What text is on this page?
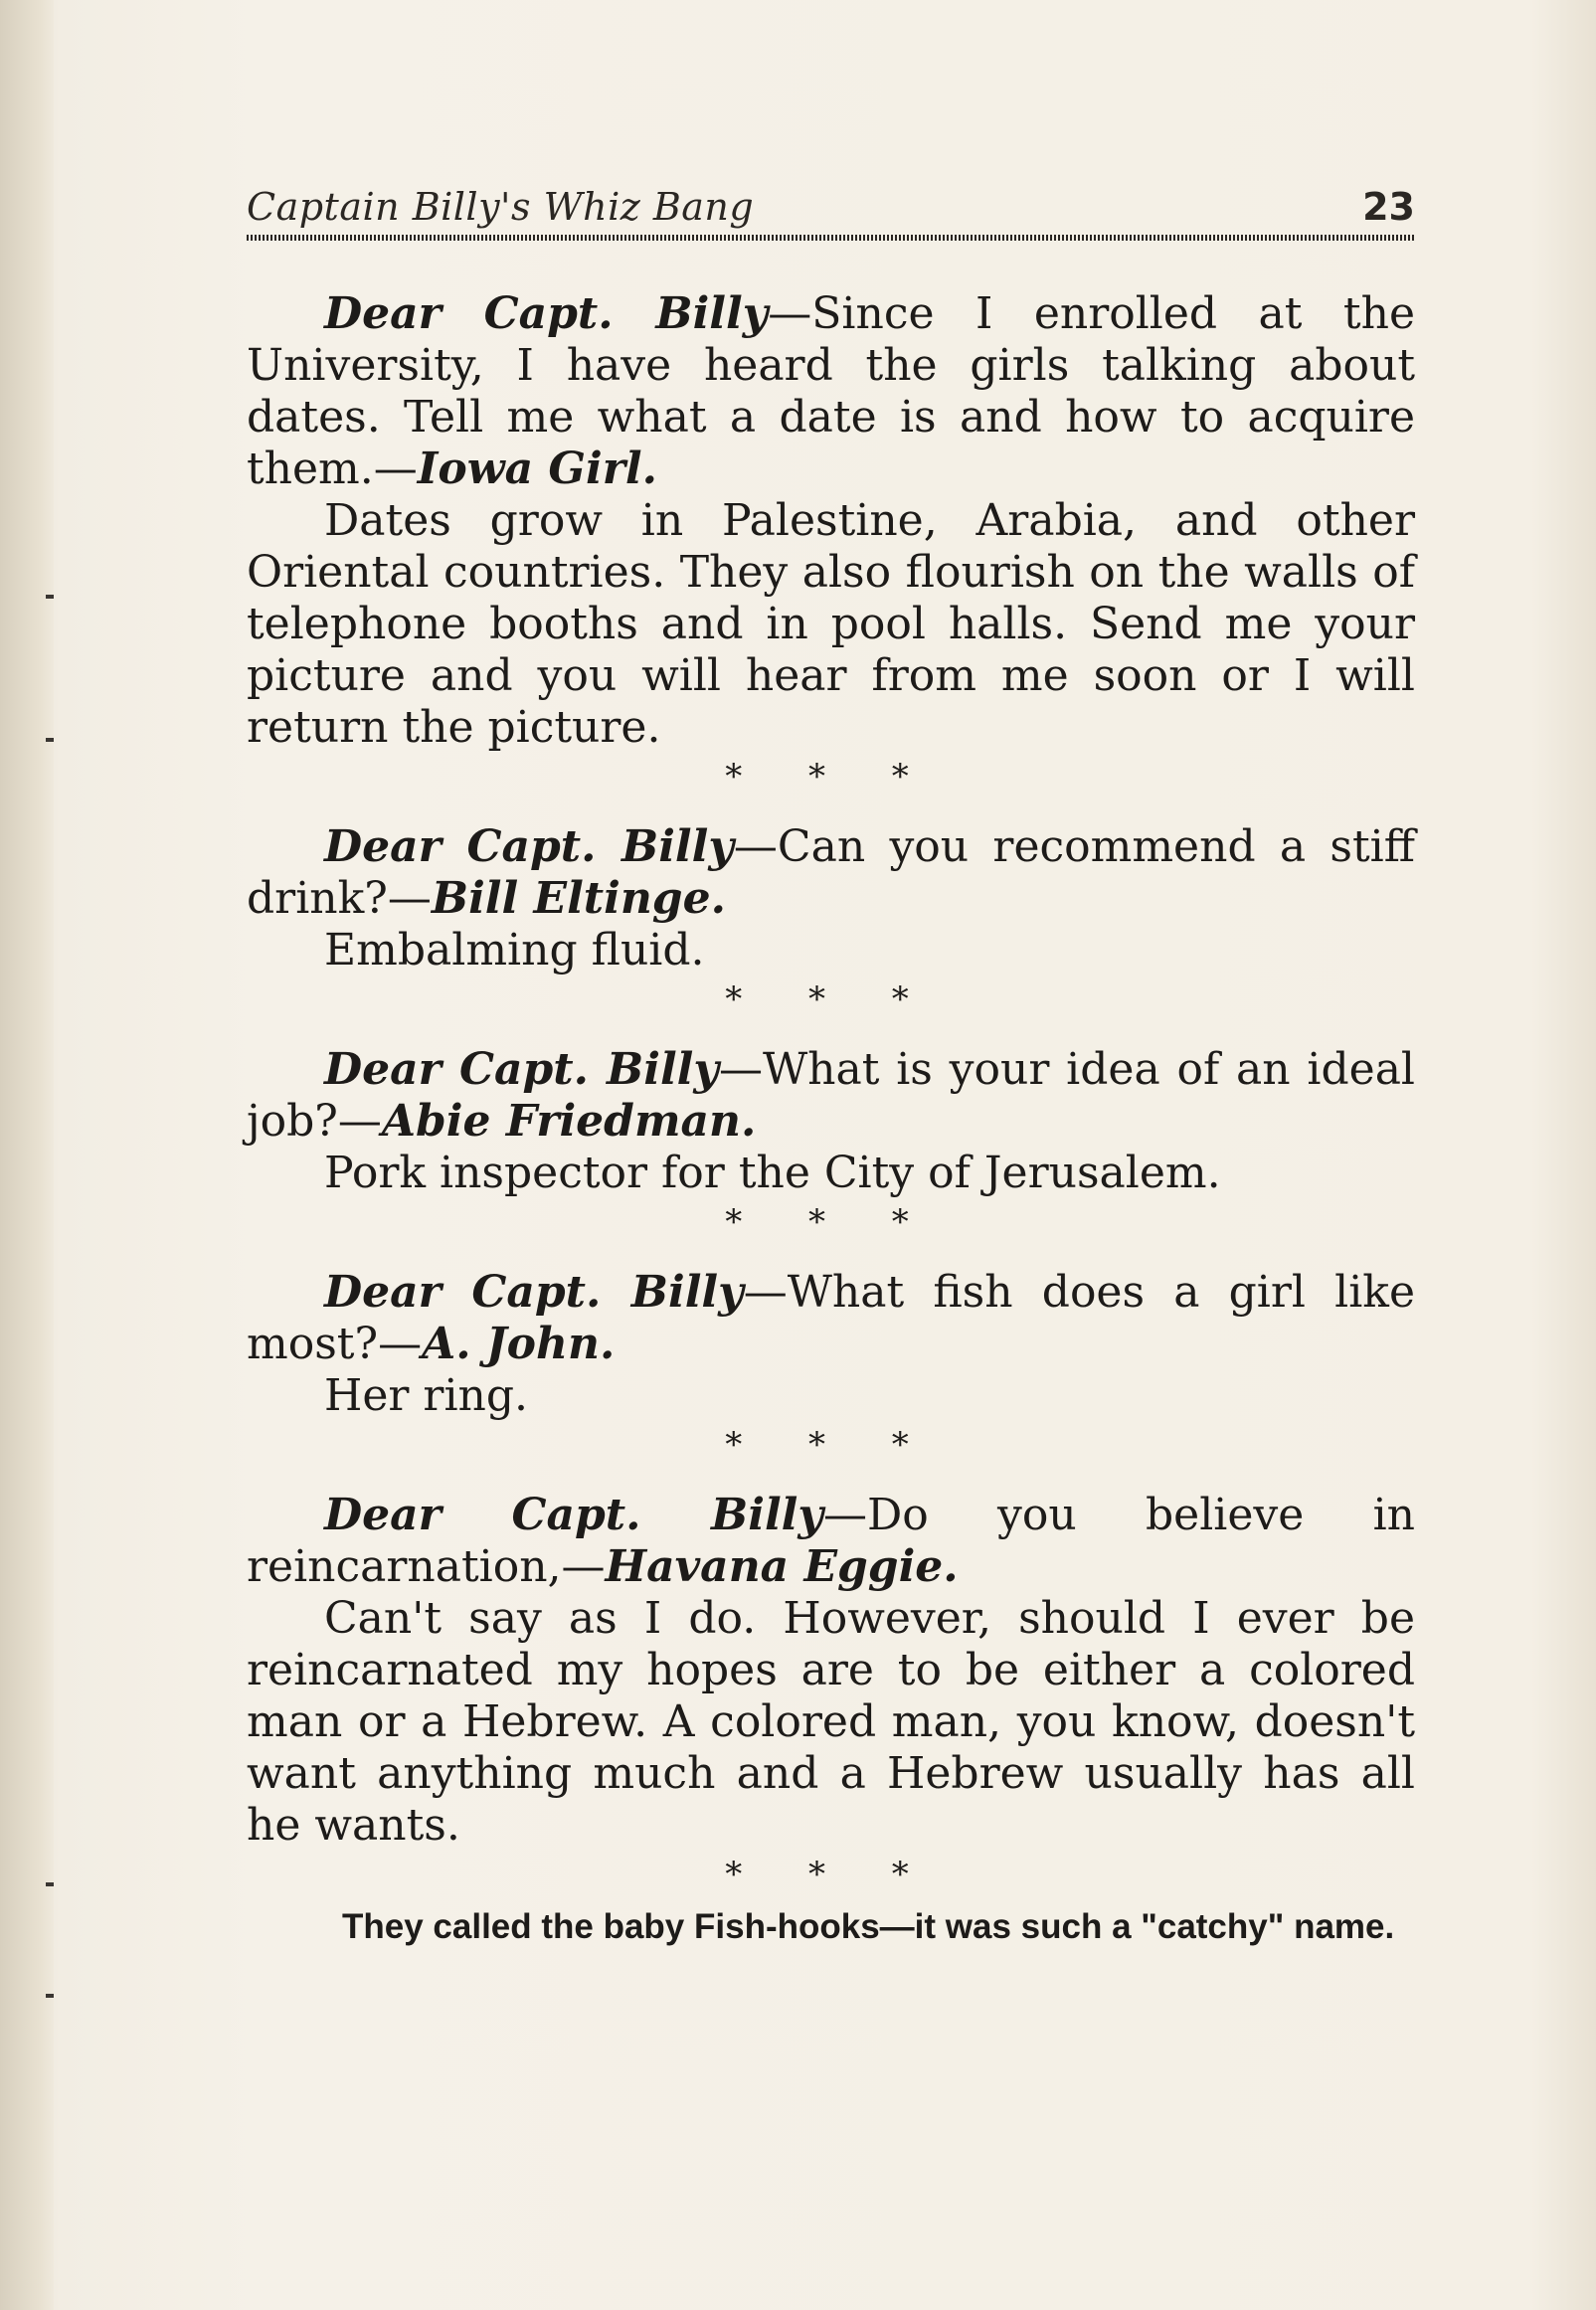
Captain Billy's Whiz Bang	23

Dear Capt. Billy—Since I enrolled at the University, I have heard the girls talking about dates. Tell me what a date is and how to acquire them.—Iowa Girl.

Dates grow in Palestine, Arabia, and other Oriental countries. They also flourish on the walls of telephone booths and in pool halls. Send me your picture and you will hear from me soon or I will return the picture.

* * *

Dear Capt. Billy—Can you recommend a stiff drink?—Bill Eltinge.

Embalming fluid.

* * *

Dear Capt. Billy—What is your idea of an ideal job?—Abie Friedman.

Pork inspector for the City of Jerusalem.

* * *

Dear Capt. Billy—What fish does a girl like most?—A. John.

Her ring.

* * *

Dear Capt. Billy—Do you believe in reincarnation,—Havana Eggie.

Can't say as I do. However, should I ever be reincarnated my hopes are to be either a colored man or a Hebrew. A colored man, you know, doesn't want anything much and a Hebrew usually has all he wants.

* * *

They called the baby Fish-hooks—it was such a "catchy" name.
